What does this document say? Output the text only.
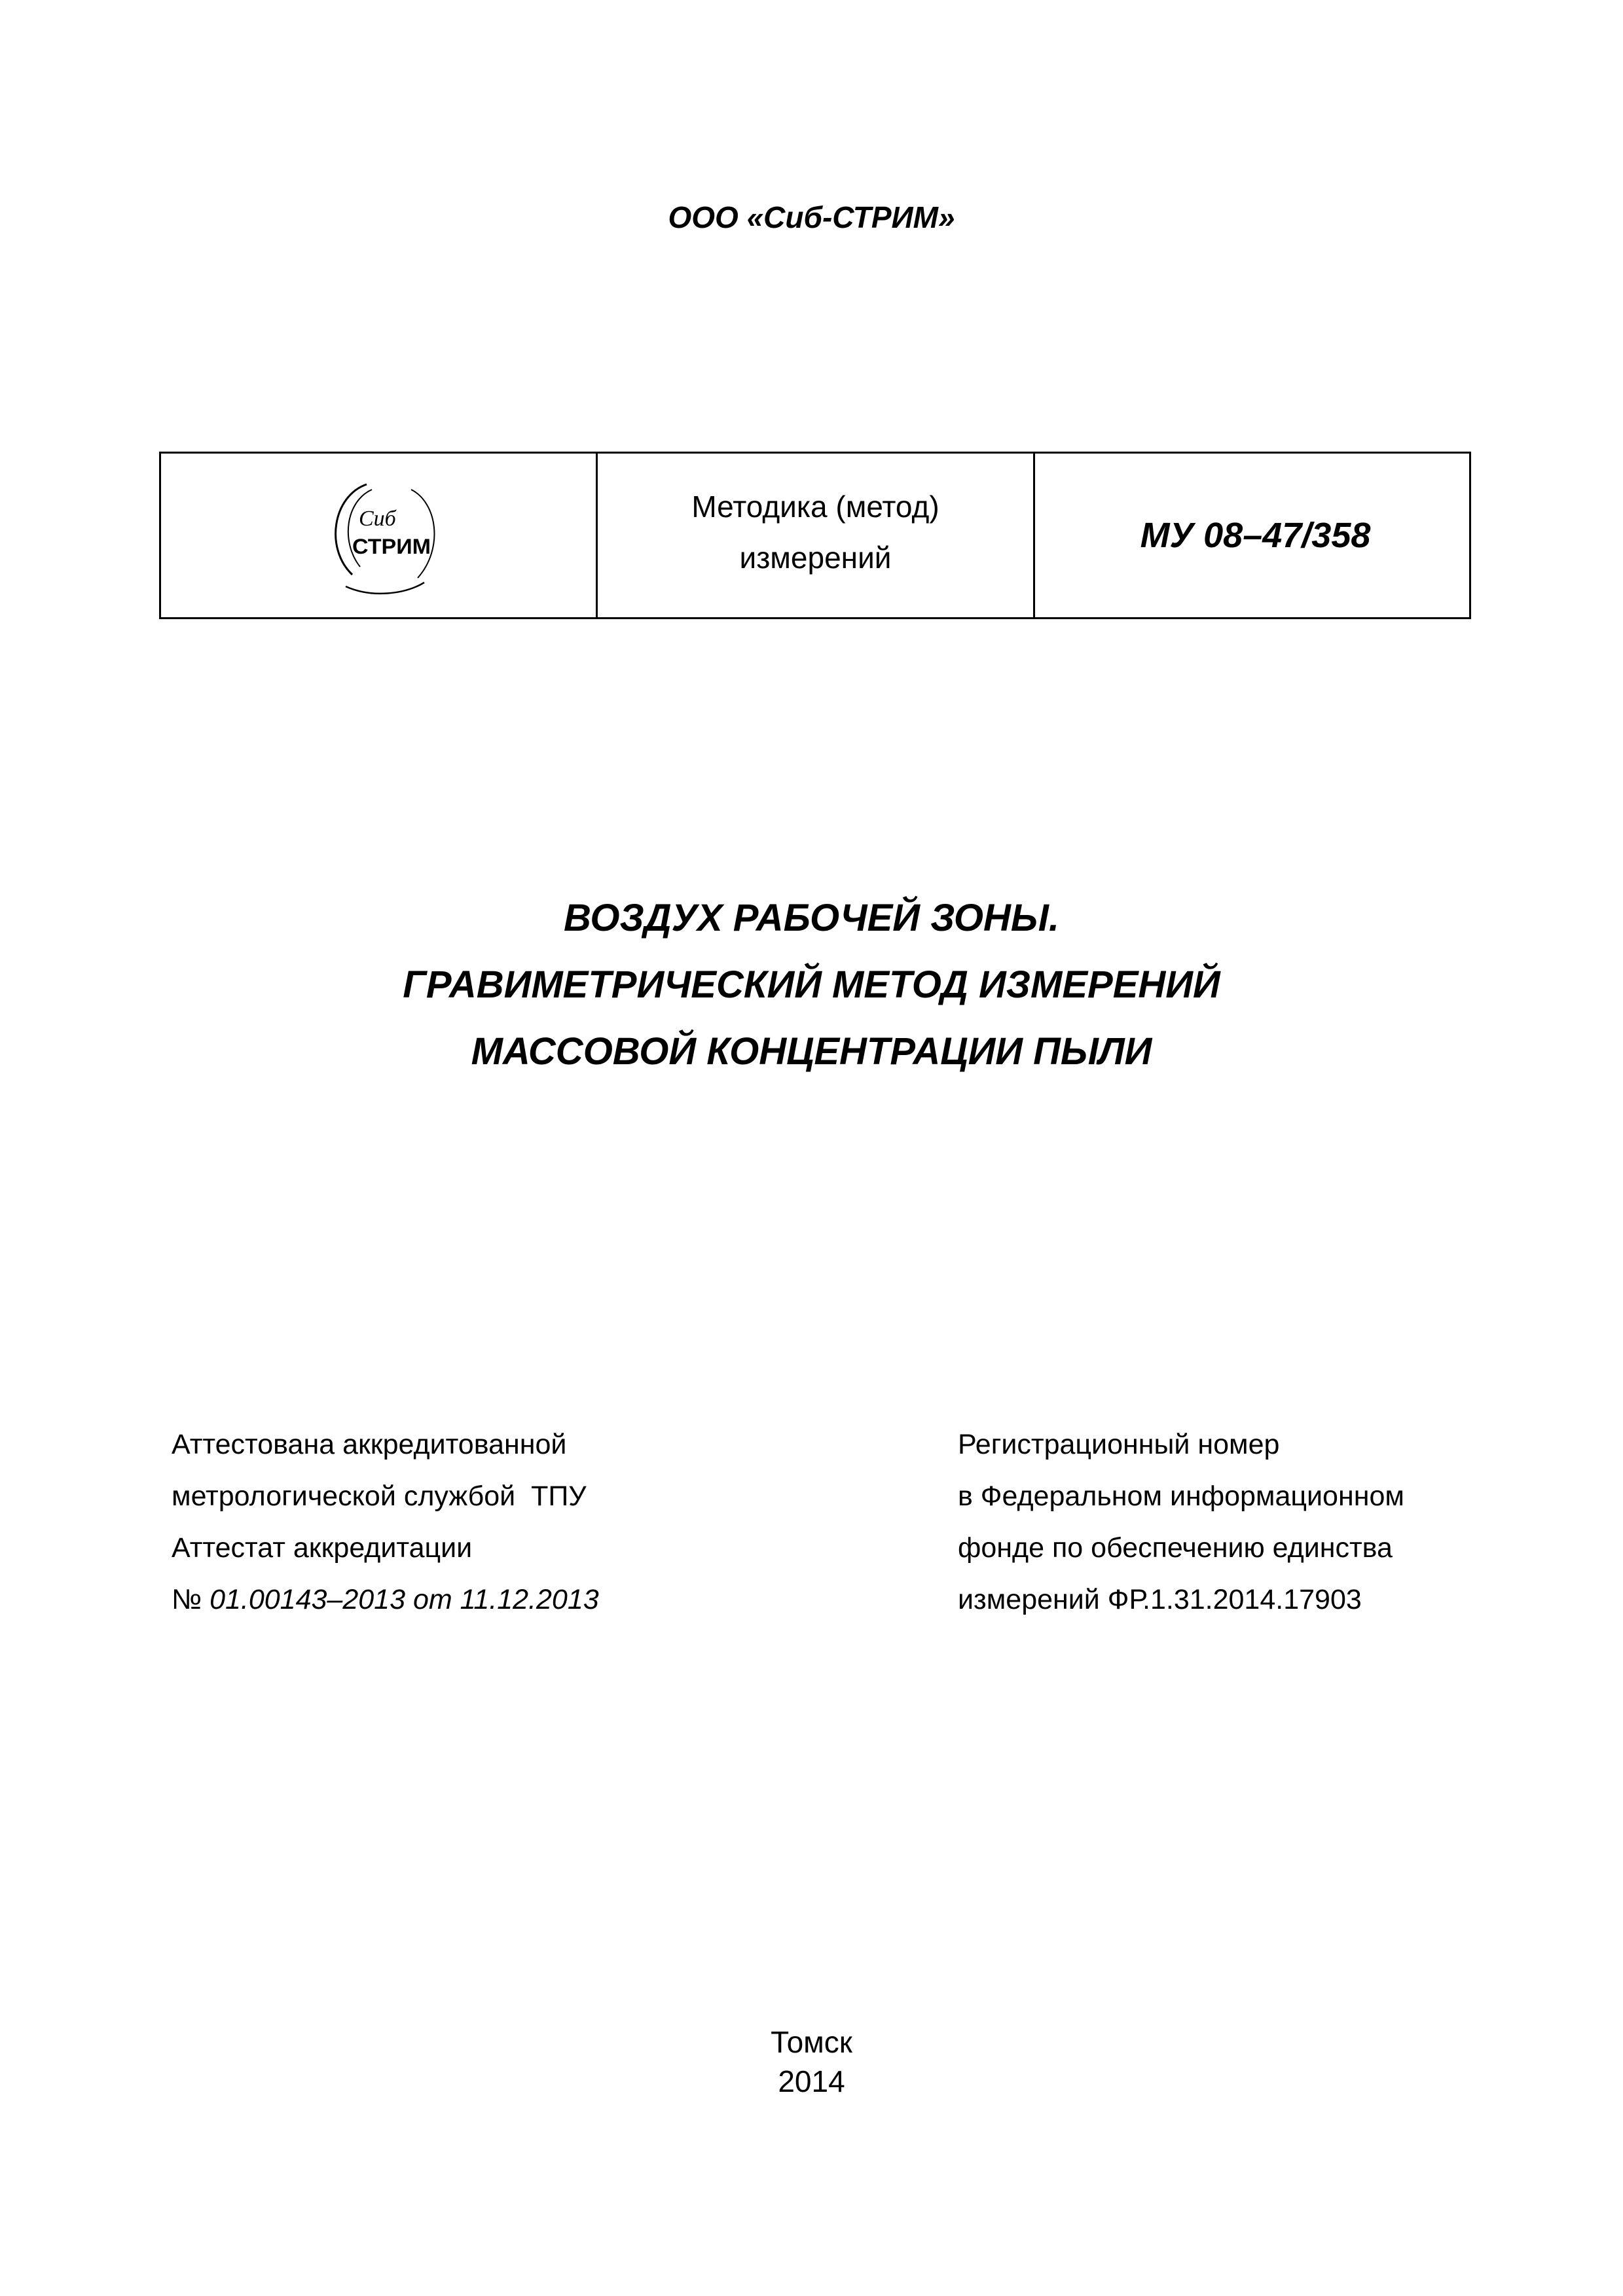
ООО «Сиб-СТРИМ»
Сиб
СТРИМ
Методика (метод)
измерений
МУ 08–47/358
ВОЗДУХ РАБОЧЕЙ ЗОНЫ.
ГРАВИМЕТРИЧЕСКИЙ МЕТОД ИЗМЕРЕНИЙ
МАССОВОЙ КОНЦЕНТРАЦИИ ПЫЛИ
Аттестована аккредитованной
метрологической службой  ТПУ
Аттестат аккредитации
№ 01.00143–2013 от 11.12.2013
Регистрационный номер
в Федеральном информационном
фонде по обеспечению единства
измерений ФР.1.31.2014.17903
Томск
2014
